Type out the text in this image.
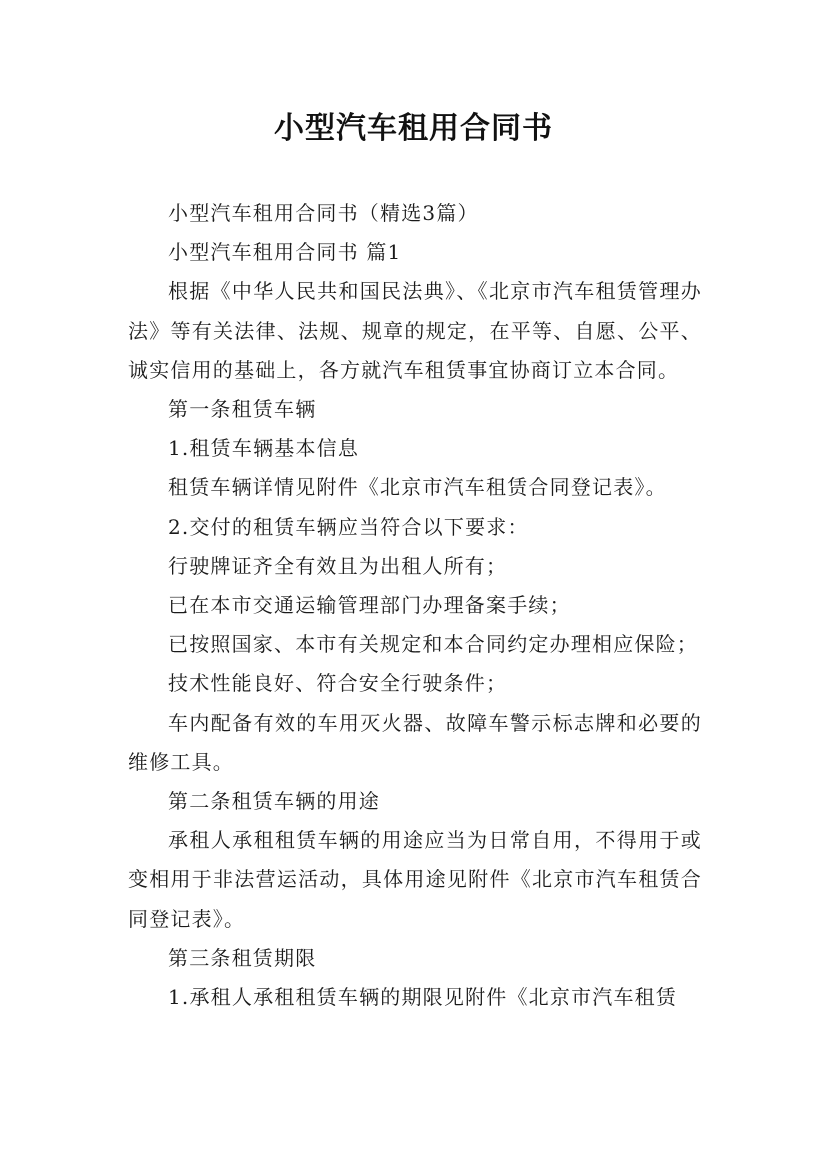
小型汽车租用合同书

小型汽车租用合同书（精选3篇）

小型汽车租用合同书 篇1

根据《中华人民共和国民法典》、《北京市汽车租赁管理办法》等有关法律、法规、规章的规定，在平等、自愿、公平、诚实信用的基础上，各方就汽车租赁事宜协商订立本合同。

第一条租赁车辆

1.租赁车辆基本信息

租赁车辆详情见附件《北京市汽车租赁合同登记表》。

2.交付的租赁车辆应当符合以下要求：

行驶牌证齐全有效且为出租人所有；

已在本市交通运输管理部门办理备案手续；

已按照国家、本市有关规定和本合同约定办理相应保险；

技术性能良好、符合安全行驶条件；

车内配备有效的车用灭火器、故障车警示标志牌和必要的维修工具。

第二条租赁车辆的用途

承租人承租租赁车辆的用途应当为日常自用，不得用于或变相用于非法营运活动，具体用途见附件《北京市汽车租赁合同登记表》。

第三条租赁期限

1.承租人承租租赁车辆的期限见附件《北京市汽车租赁
